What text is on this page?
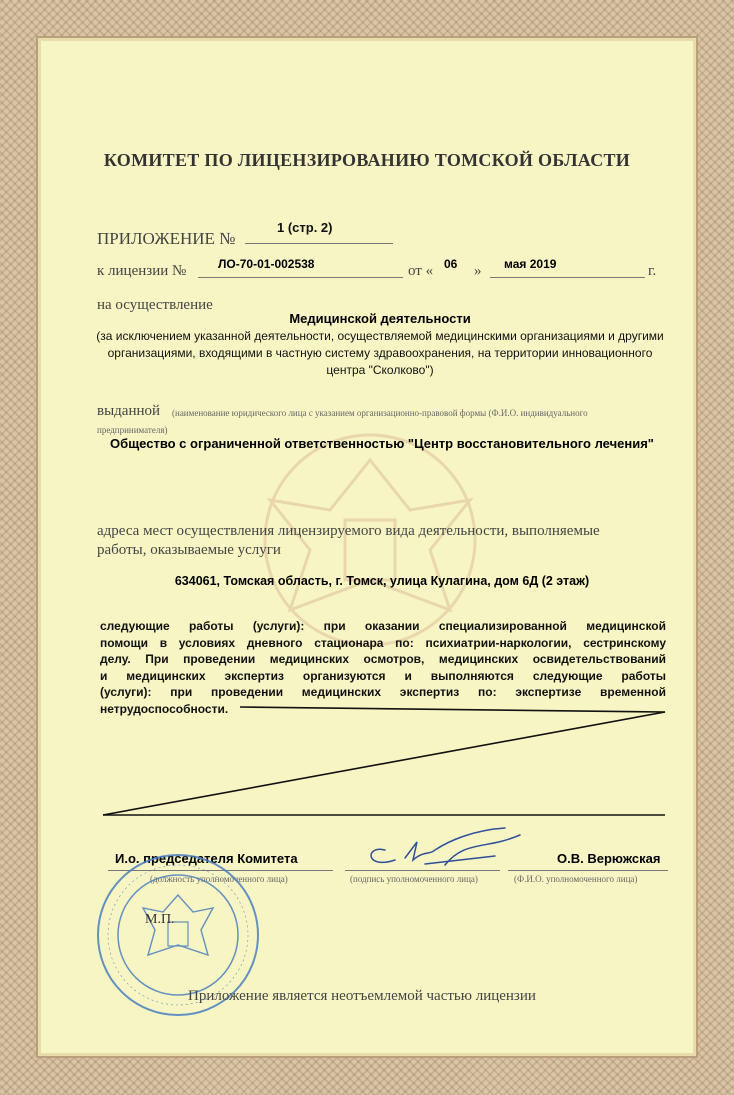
КОМИТЕТ ПО ЛИЦЕНЗИРОВАНИЮ ТОМСКОЙ ОБЛАСТИ
ПРИЛОЖЕНИЕ №
1 (стр. 2)
к лицензии №	ЛО-70-01-002538	от « 06 » мая 2019	г.
на осуществление
Медицинской деятельности
(за исключением указанной деятельности, осуществляемой медицинскими организациями и другими организациями, входящими в частную систему здравоохранения, на территории инновационного центра "Сколково")
выданной (наименование юридического лица с указанием организационно-правовой формы (Ф.И.О. индивидуального
предпринимателя)
Общество с ограниченной ответственностью "Центр восстановительного лечения"
адреса мест осуществления лицензируемого вида деятельности, выполняемые
работы, оказываемые услуги
634061, Томская область, г. Томск, улица Кулагина, дом 6Д (2 этаж)
следующие работы (услуги): при оказании специализированной медицинской
помощи в условиях дневного стационара по: психиатрии-наркологии, сестринскому
делу. При проведении медицинских осмотров, медицинских освидетельствований
и медицинских экспертиз организуются и выполняются следующие работы
(услуги): при проведении медицинских экспертиз по: экспертизе временной
нетрудоспособности.
И.о. председателя Комитета
(должность уполномоченного лица)	(подпись уполномоченного лица)
О.В. Верюжская
(Ф.И.О. уполномоченного лица)
М.П.
Приложение является неотъемлемой частью лицензии
